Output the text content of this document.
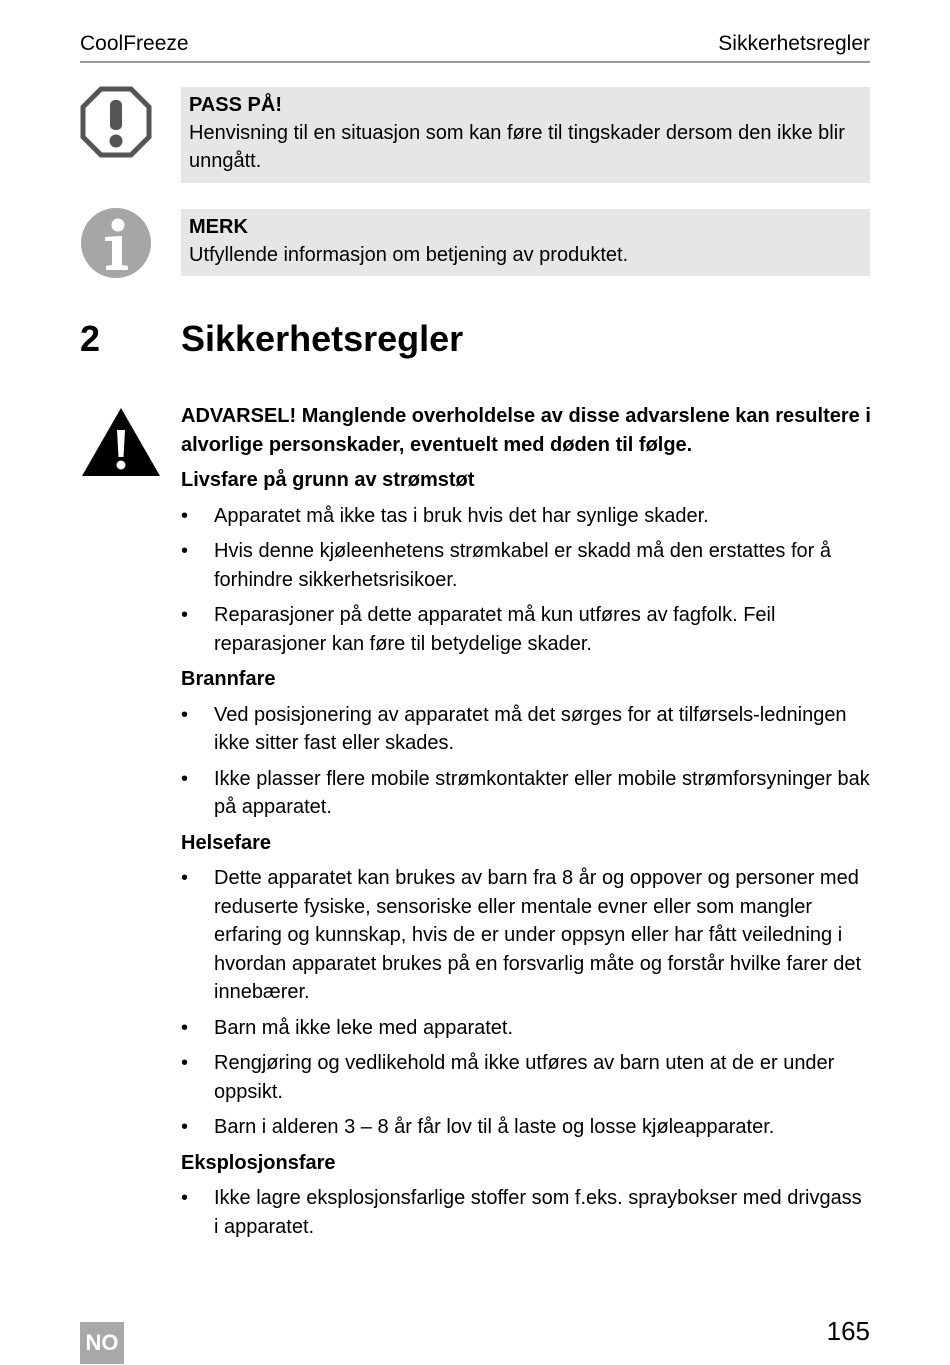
CoolFreeze	Sikkerhetsregler
PASS PÅ!
Henvisning til en situasjon som kan føre til tingskader dersom den ikke blir unngått.
MERK
Utfyllende informasjon om betjening av produktet.
2 Sikkerhetsregler
ADVARSEL! Manglende overholdelse av disse advarslene kan resultere i alvorlige personskader, eventuelt med døden til følge.
Livsfare på grunn av strømstøt
• Apparatet må ikke tas i bruk hvis det har synlige skader.
• Hvis denne kjøleenhetens strømkabel er skadd må den erstattes for å forhindre sikkerhetsrisikoer.
• Reparasjoner på dette apparatet må kun utføres av fagfolk. Feil reparasjoner kan føre til betydelige skader.
Brannfare
• Ved posisjonering av apparatet må det sørges for at tilførsels-ledningen ikke sitter fast eller skades.
• Ikke plasser flere mobile strømkontakter eller mobile strømforsyninger bak på apparatet.
Helsefare
• Dette apparatet kan brukes av barn fra 8 år og oppover og personer med reduserte fysiske, sensoriske eller mentale evner eller som mangler erfaring og kunnskap, hvis de er under oppsyn eller har fått veiledning i hvordan apparatet brukes på en forsvarlig måte og forstår hvilke farer det innebærer.
• Barn må ikke leke med apparatet.
• Rengjøring og vedlikehold må ikke utføres av barn uten at de er under oppsikt.
• Barn i alderen 3 – 8 år får lov til å laste og losse kjøleapparater.
Eksplosjonsfare
• Ikke lagre eksplosjonsfarlige stoffer som f.eks. spraybokser med drivgass i apparatet.
NO	165
